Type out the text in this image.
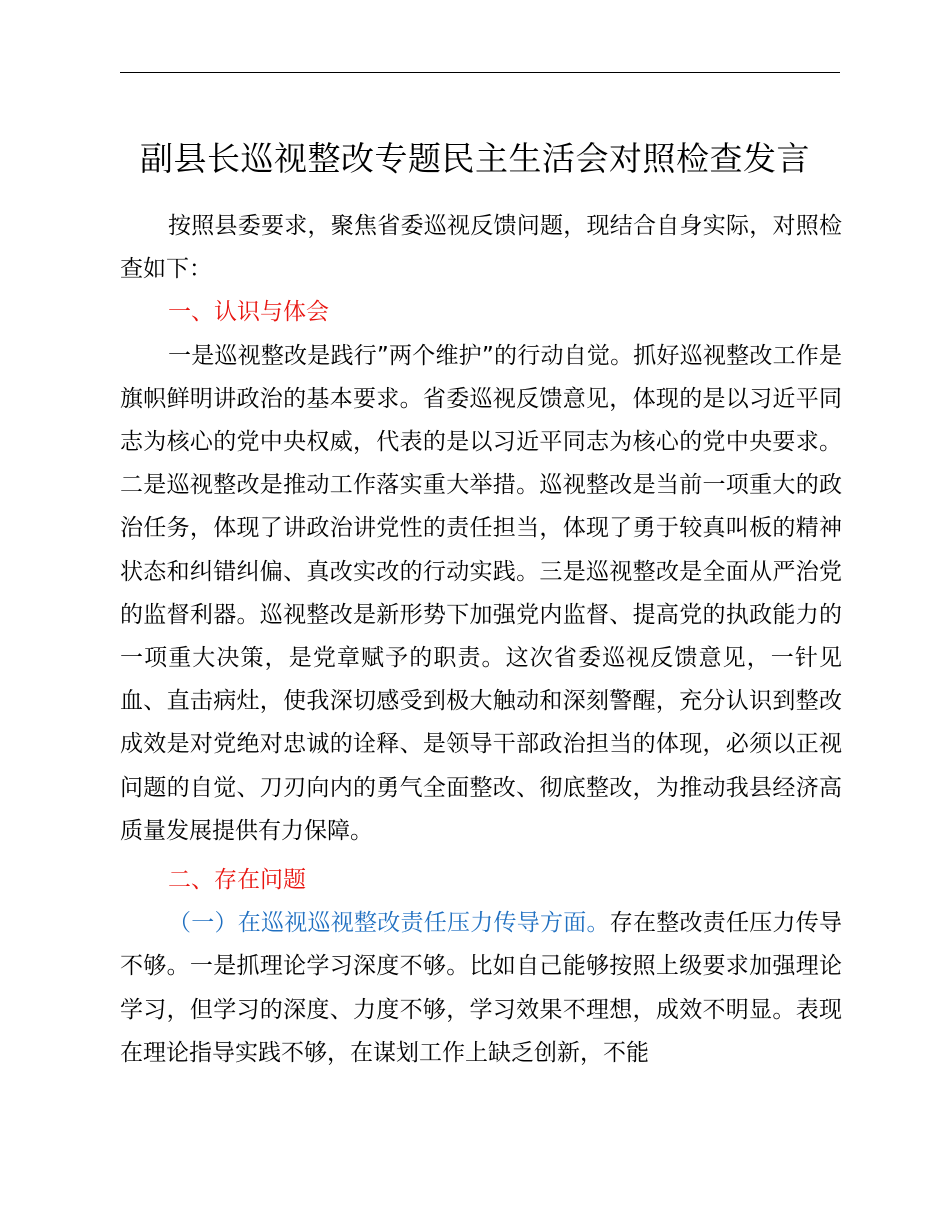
副县长巡视整改专题民主生活会对照检查发言

按照县委要求，聚焦省委巡视反馈问题，现结合自身实际，对照检查如下：

一、认识与体会

一是巡视整改是践行”两个维护”的行动自觉。抓好巡视整改工作是旗帜鲜明讲政治的基本要求。省委巡视反馈意见，体现的是以习近平同志为核心的党中央权威，代表的是以习近平同志为核心的党中央要求。二是巡视整改是推动工作落实重大举措。巡视整改是当前一项重大的政治任务，体现了讲政治讲党性的责任担当，体现了勇于较真叫板的精神状态和纠错纠偏、真改实改的行动实践。三是巡视整改是全面从严治党的监督利器。巡视整改是新形势下加强党内监督、提高党的执政能力的一项重大决策，是党章赋予的职责。这次省委巡视反馈意见，一针见血、直击病灶，使我深切感受到极大触动和深刻警醒，充分认识到整改成效是对党绝对忠诚的诠释、是领导干部政治担当的体现，必须以正视问题的自觉、刀刃向内的勇气全面整改、彻底整改，为推动我县经济高质量发展提供有力保障。

二、存在问题

（一）在巡视巡视整改责任压力传导方面。存在整改责任压力传导不够。一是抓理论学习深度不够。比如自己能够按照上级要求加强理论学习，但学习的深度、力度不够，学习效果不理想，成效不明显。表现在理论指导实践不够，在谋划工作上缺乏创新，不能
